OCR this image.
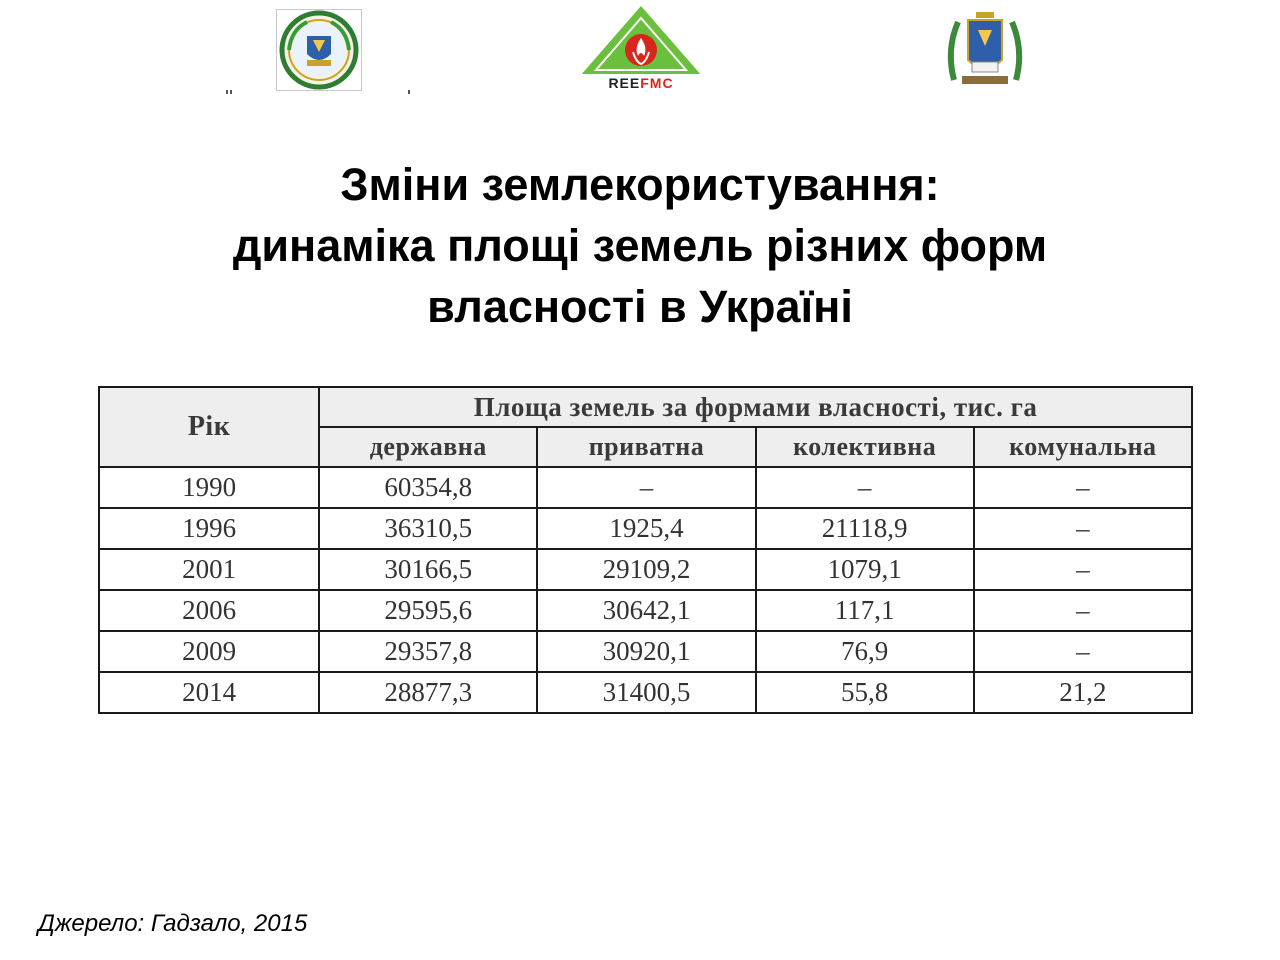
REEFMC
Зміни землекористування:
динаміка площі земель різних форм
власності в Україні
Рік	Площа земель за формами власності, тис. га			
	державна	приватна	колективна	комунальна
1990	60354,8	–	–	–
1996	36310,5	1925,4	21118,9	–
2001	30166,5	29109,2	1079,1	–
2006	29595,6	30642,1	117,1	–
2009	29357,8	30920,1	76,9	–
2014	28877,3	31400,5	55,8	21,2
Джерело: Гадзало, 2015
